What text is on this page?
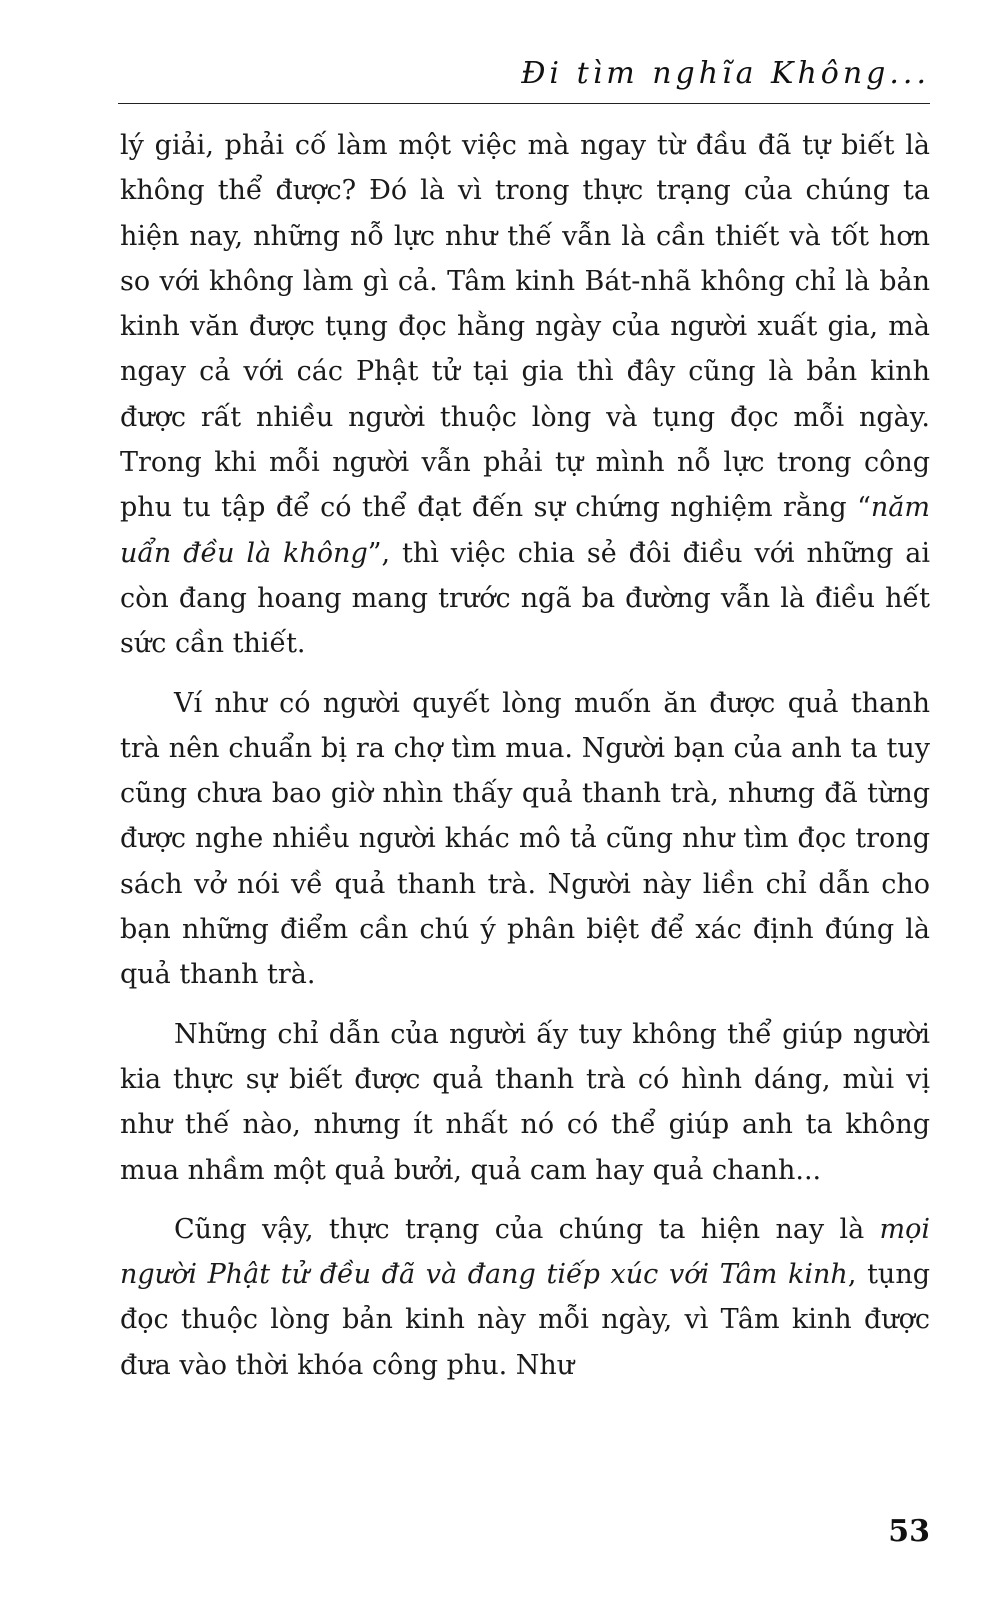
Đi tìm nghĩa Không...

lý giải, phải cố làm một việc mà ngay từ đầu đã tự biết là không thể được? Đó là vì trong thực trạng của chúng ta hiện nay, những nỗ lực như thế vẫn là cần thiết và tốt hơn so với không làm gì cả. Tâm kinh Bát-nhã không chỉ là bản kinh văn được tụng đọc hằng ngày của người xuất gia, mà ngay cả với các Phật tử tại gia thì đây cũng là bản kinh được rất nhiều người thuộc lòng và tụng đọc mỗi ngày. Trong khi mỗi người vẫn phải tự mình nỗ lực trong công phu tu tập để có thể đạt đến sự chứng nghiệm rằng “năm uẩn đều là không”, thì việc chia sẻ đôi điều với những ai còn đang hoang mang trước ngã ba đường vẫn là điều hết sức cần thiết.

Ví như có người quyết lòng muốn ăn được quả thanh trà nên chuẩn bị ra chợ tìm mua. Người bạn của anh ta tuy cũng chưa bao giờ nhìn thấy quả thanh trà, nhưng đã từng được nghe nhiều người khác mô tả cũng như tìm đọc trong sách vở nói về quả thanh trà. Người này liền chỉ dẫn cho bạn những điểm cần chú ý phân biệt để xác định đúng là quả thanh trà.

Những chỉ dẫn của người ấy tuy không thể giúp người kia thực sự biết được quả thanh trà có hình dáng, mùi vị như thế nào, nhưng ít nhất nó có thể giúp anh ta không mua nhầm một quả bưởi, quả cam hay quả chanh...

Cũng vậy, thực trạng của chúng ta hiện nay là mọi người Phật tử đều đã và đang tiếp xúc với Tâm kinh, tụng đọc thuộc lòng bản kinh này mỗi ngày, vì Tâm kinh được đưa vào thời khóa công phu. Như

53
